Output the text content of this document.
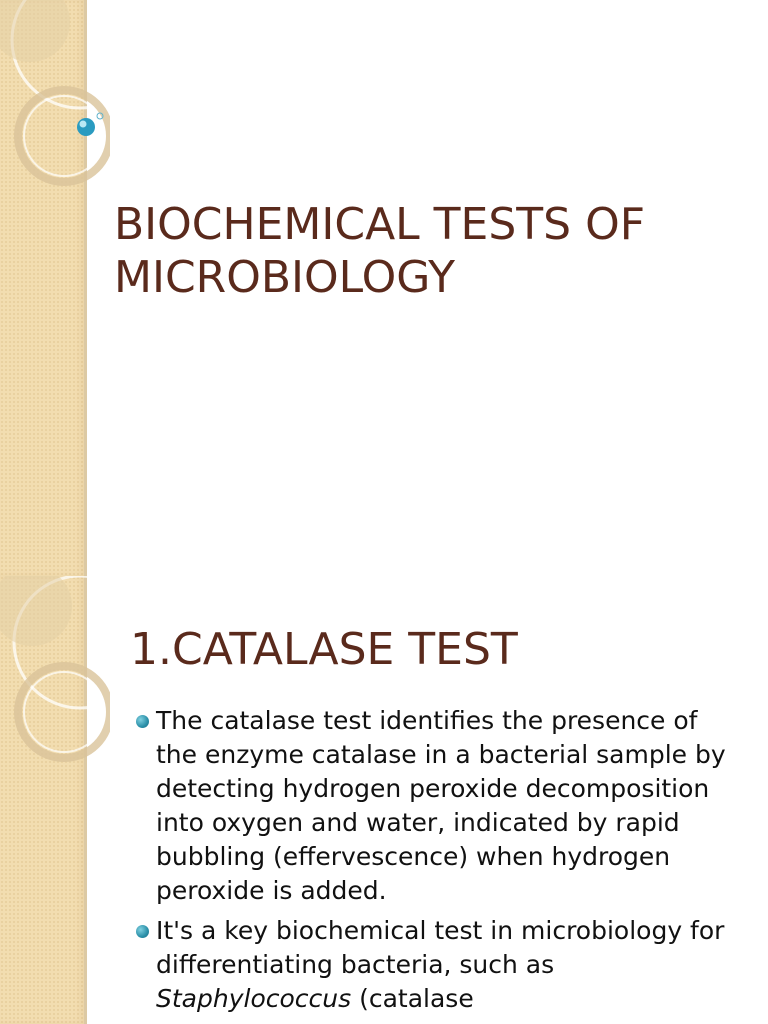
BIOCHEMICAL TESTS OF
MICROBIOLOGY
1.CATALASE TEST
The catalase test identifies the presence of the enzyme catalase in a bacterial sample by detecting hydrogen peroxide decomposition into oxygen and water, indicated by rapid bubbling (effervescence) when hydrogen peroxide is added.
It's a key biochemical test in microbiology for differentiating bacteria, such as Staphylococcus (catalase
